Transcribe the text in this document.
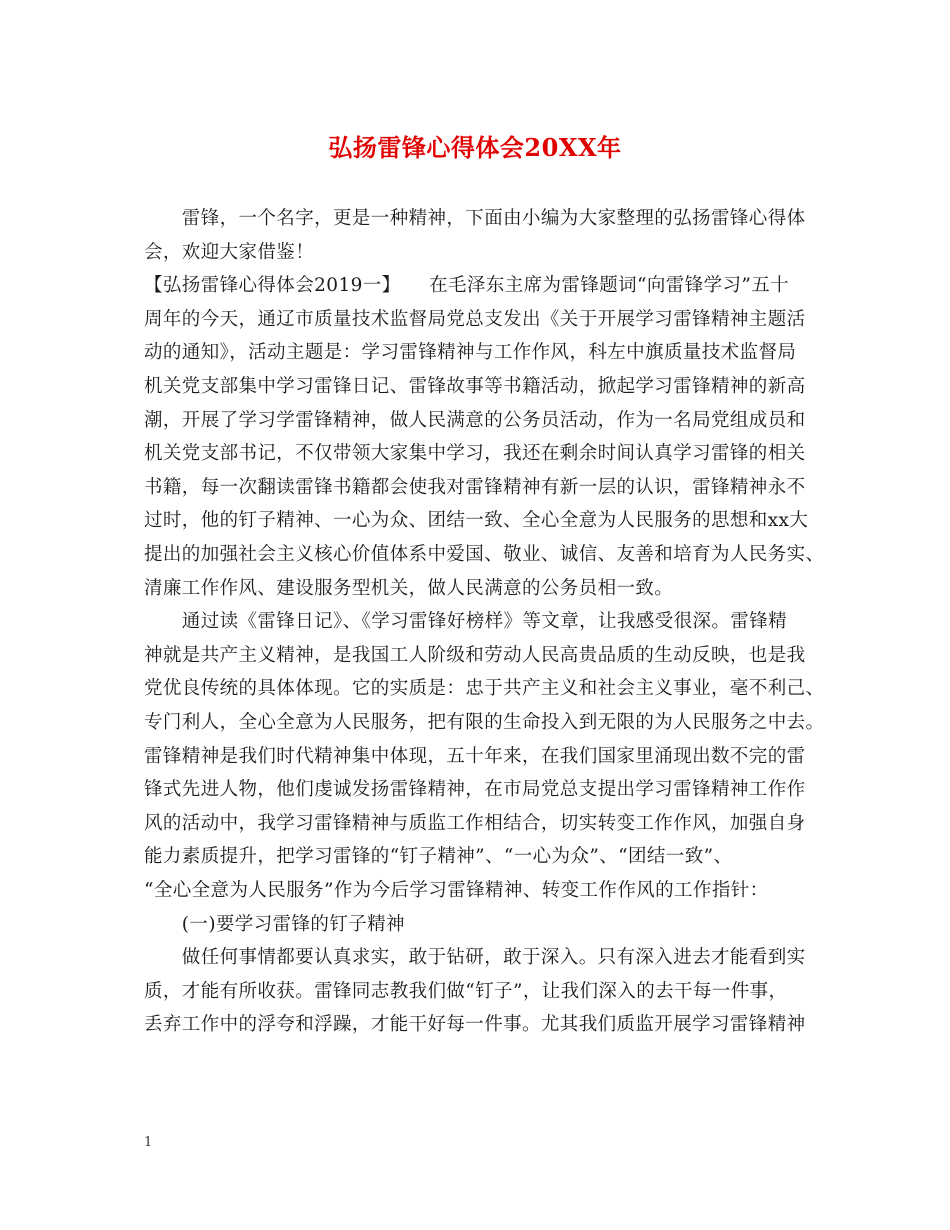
弘扬雷锋心得体会20XX年
　　雷锋，一个名字，更是一种精神，下面由小编为大家整理的弘扬雷锋心得体
会，欢迎大家借鉴！
【弘扬雷锋心得体会2019一】　　在毛泽东主席为雷锋题词“向雷锋学习”五十
周年的今天，通辽市质量技术监督局党总支发出《关于开展学习雷锋精神主题活
动的通知》，活动主题是：学习雷锋精神与工作作风，科左中旗质量技术监督局
机关党支部集中学习雷锋日记、雷锋故事等书籍活动，掀起学习雷锋精神的新高
潮，开展了学习学雷锋精神，做人民满意的公务员活动，作为一名局党组成员和
机关党支部书记，不仅带领大家集中学习，我还在剩余时间认真学习雷锋的相关
书籍，每一次翻读雷锋书籍都会使我对雷锋精神有新一层的认识，雷锋精神永不
过时，他的钉子精神、一心为众、团结一致、全心全意为人民服务的思想和xx大
提出的加强社会主义核心价值体系中爱国、敬业、诚信、友善和培育为人民务实、
清廉工作作风、建设服务型机关，做人民满意的公务员相一致。
　　通过读《雷锋日记》、《学习雷锋好榜样》等文章，让我感受很深。雷锋精
神就是共产主义精神，是我国工人阶级和劳动人民高贵品质的生动反映，也是我
党优良传统的具体体现。它的实质是：忠于共产主义和社会主义事业，毫不利己、
专门利人，全心全意为人民服务，把有限的生命投入到无限的为人民服务之中去。
雷锋精神是我们时代精神集中体现，五十年来，在我们国家里涌现出数不完的雷
锋式先进人物，他们虔诚发扬雷锋精神，在市局党总支提出学习雷锋精神工作作
风的活动中，我学习雷锋精神与质监工作相结合，切实转变工作作风，加强自身
能力素质提升，把学习雷锋的“钉子精神”、“一心为众”、“团结一致”、
“全心全意为人民服务”作为今后学习雷锋精神、转变工作作风的工作指针：
　　(一)要学习雷锋的钉子精神
　　做任何事情都要认真求实，敢于钻研，敢于深入。只有深入进去才能看到实
质，才能有所收获。雷锋同志教我们做“钉子”，让我们深入的去干每一件事，
丢弃工作中的浮夸和浮躁，才能干好每一件事。尤其我们质监开展学习雷锋精神
1
